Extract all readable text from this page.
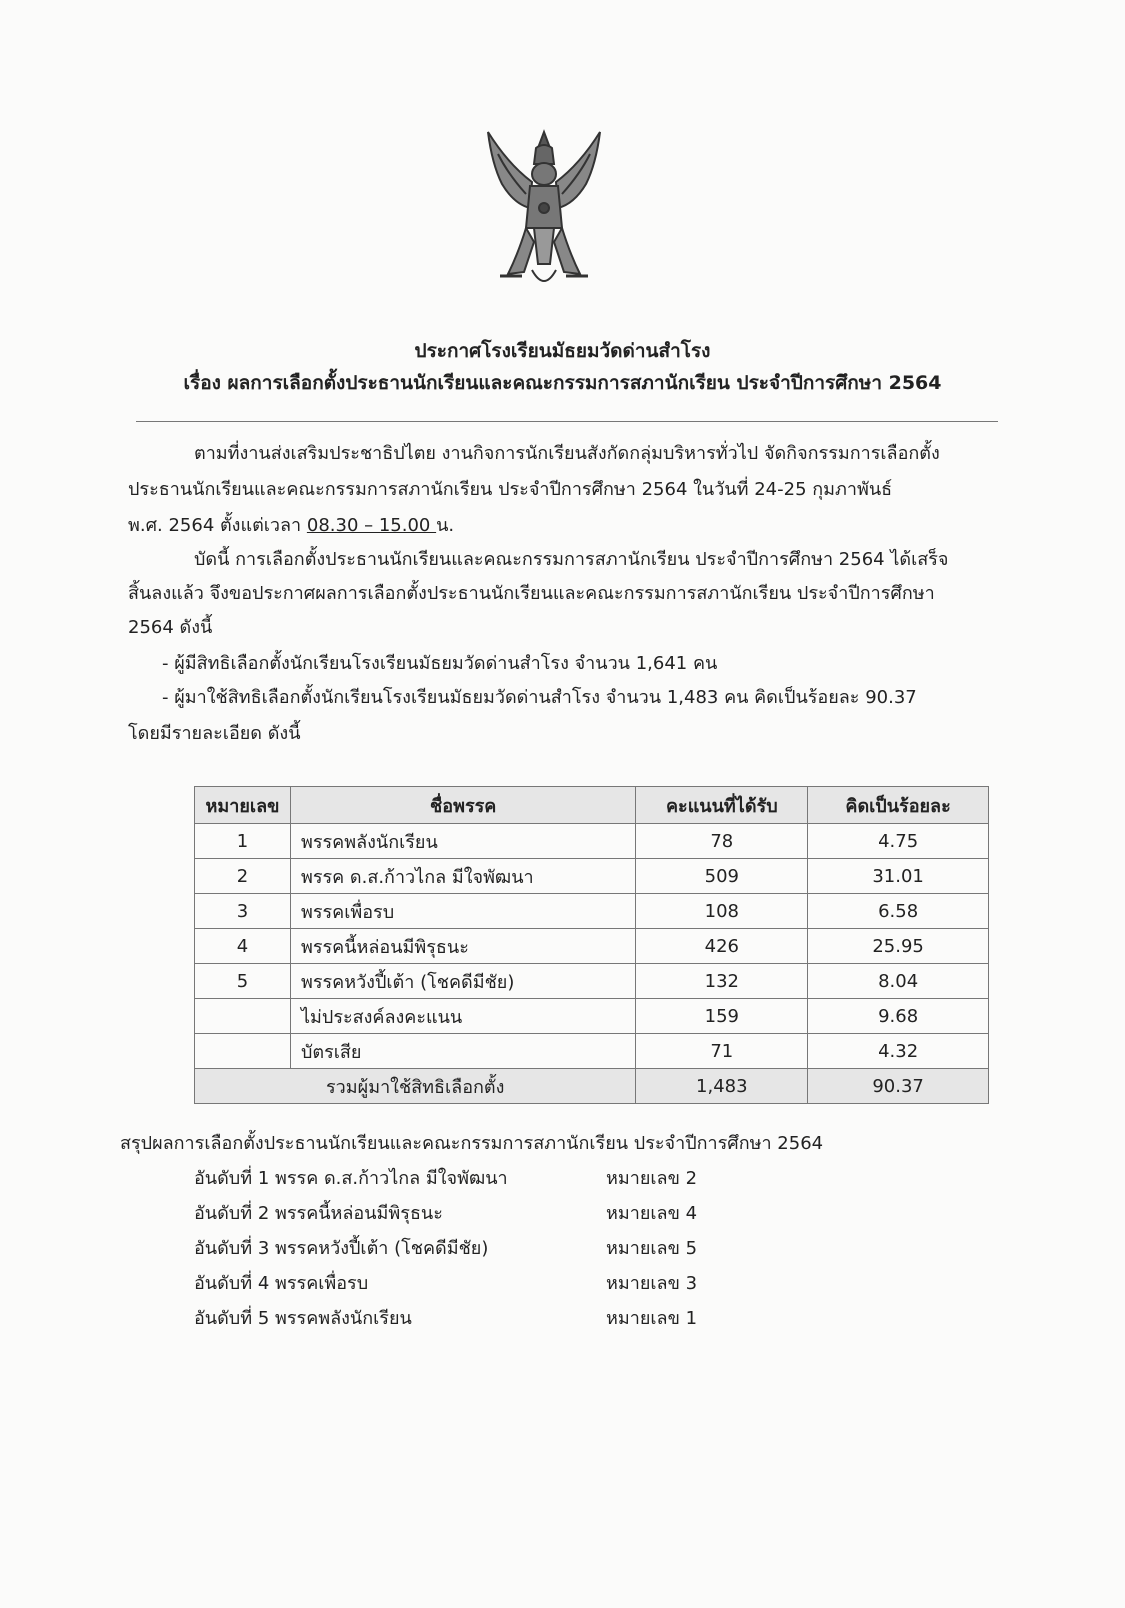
ประกาศโรงเรียนมัธยมวัดด่านสำโรง
เรื่อง ผลการเลือกตั้งประธานนักเรียนและคณะกรรมการสภานักเรียน ประจำปีการศึกษา 2564
ตามที่งานส่งเสริมประชาธิปไตย งานกิจการนักเรียนสังกัดกลุ่มบริหารทั่วไป จัดกิจกรรมการเลือกตั้ง
ประธานนักเรียนและคณะกรรมการสภานักเรียน ประจำปีการศึกษา 2564 ในวันที่ 24-25 กุมภาพันธ์
พ.ศ. 2564 ตั้งแต่เวลา 08.30 – 15.00 น.
บัดนี้ การเลือกตั้งประธานนักเรียนและคณะกรรมการสภานักเรียน ประจำปีการศึกษา 2564 ได้เสร็จ
สิ้นลงแล้ว จึงขอประกาศผลการเลือกตั้งประธานนักเรียนและคณะกรรมการสภานักเรียน ประจำปีการศึกษา
2564 ดังนี้
- ผู้มีสิทธิเลือกตั้งนักเรียนโรงเรียนมัธยมวัดด่านสำโรง จำนวน 1,641 คน
- ผู้มาใช้สิทธิเลือกตั้งนักเรียนโรงเรียนมัธยมวัดด่านสำโรง จำนวน 1,483 คน คิดเป็นร้อยละ 90.37
โดยมีรายละเอียด ดังนี้
หมายเลข	ชื่อพรรค	คะแนนที่ได้รับ	คิดเป็นร้อยละ
1	พรรคพลังนักเรียน	78	4.75
2	พรรค ด.ส.ก้าวไกล มีใจพัฒนา	509	31.01
3	พรรคเพื่อรบ	108	6.58
4	พรรคนี้หล่อนมีพิรุธนะ	426	25.95
5	พรรคหวังปี้เต้า (โชคดีมีชัย)	132	8.04
	ไม่ประสงค์ลงคะแนน	159	9.68
	บัตรเสีย	71	4.32
รวมผู้มาใช้สิทธิเลือกตั้ง		1,483	90.37
สรุปผลการเลือกตั้งประธานนักเรียนและคณะกรรมการสภานักเรียน ประจำปีการศึกษา 2564
อันดับที่ 1 พรรค ด.ส.ก้าวไกล มีใจพัฒนา	หมายเลข 2
อันดับที่ 2 พรรคนี้หล่อนมีพิรุธนะ	หมายเลข 4
อันดับที่ 3 พรรคหวังปี้เต้า (โชคดีมีชัย)	หมายเลข 5
อันดับที่ 4 พรรคเพื่อรบ	หมายเลข 3
อันดับที่ 5 พรรคพลังนักเรียน	หมายเลข 1
